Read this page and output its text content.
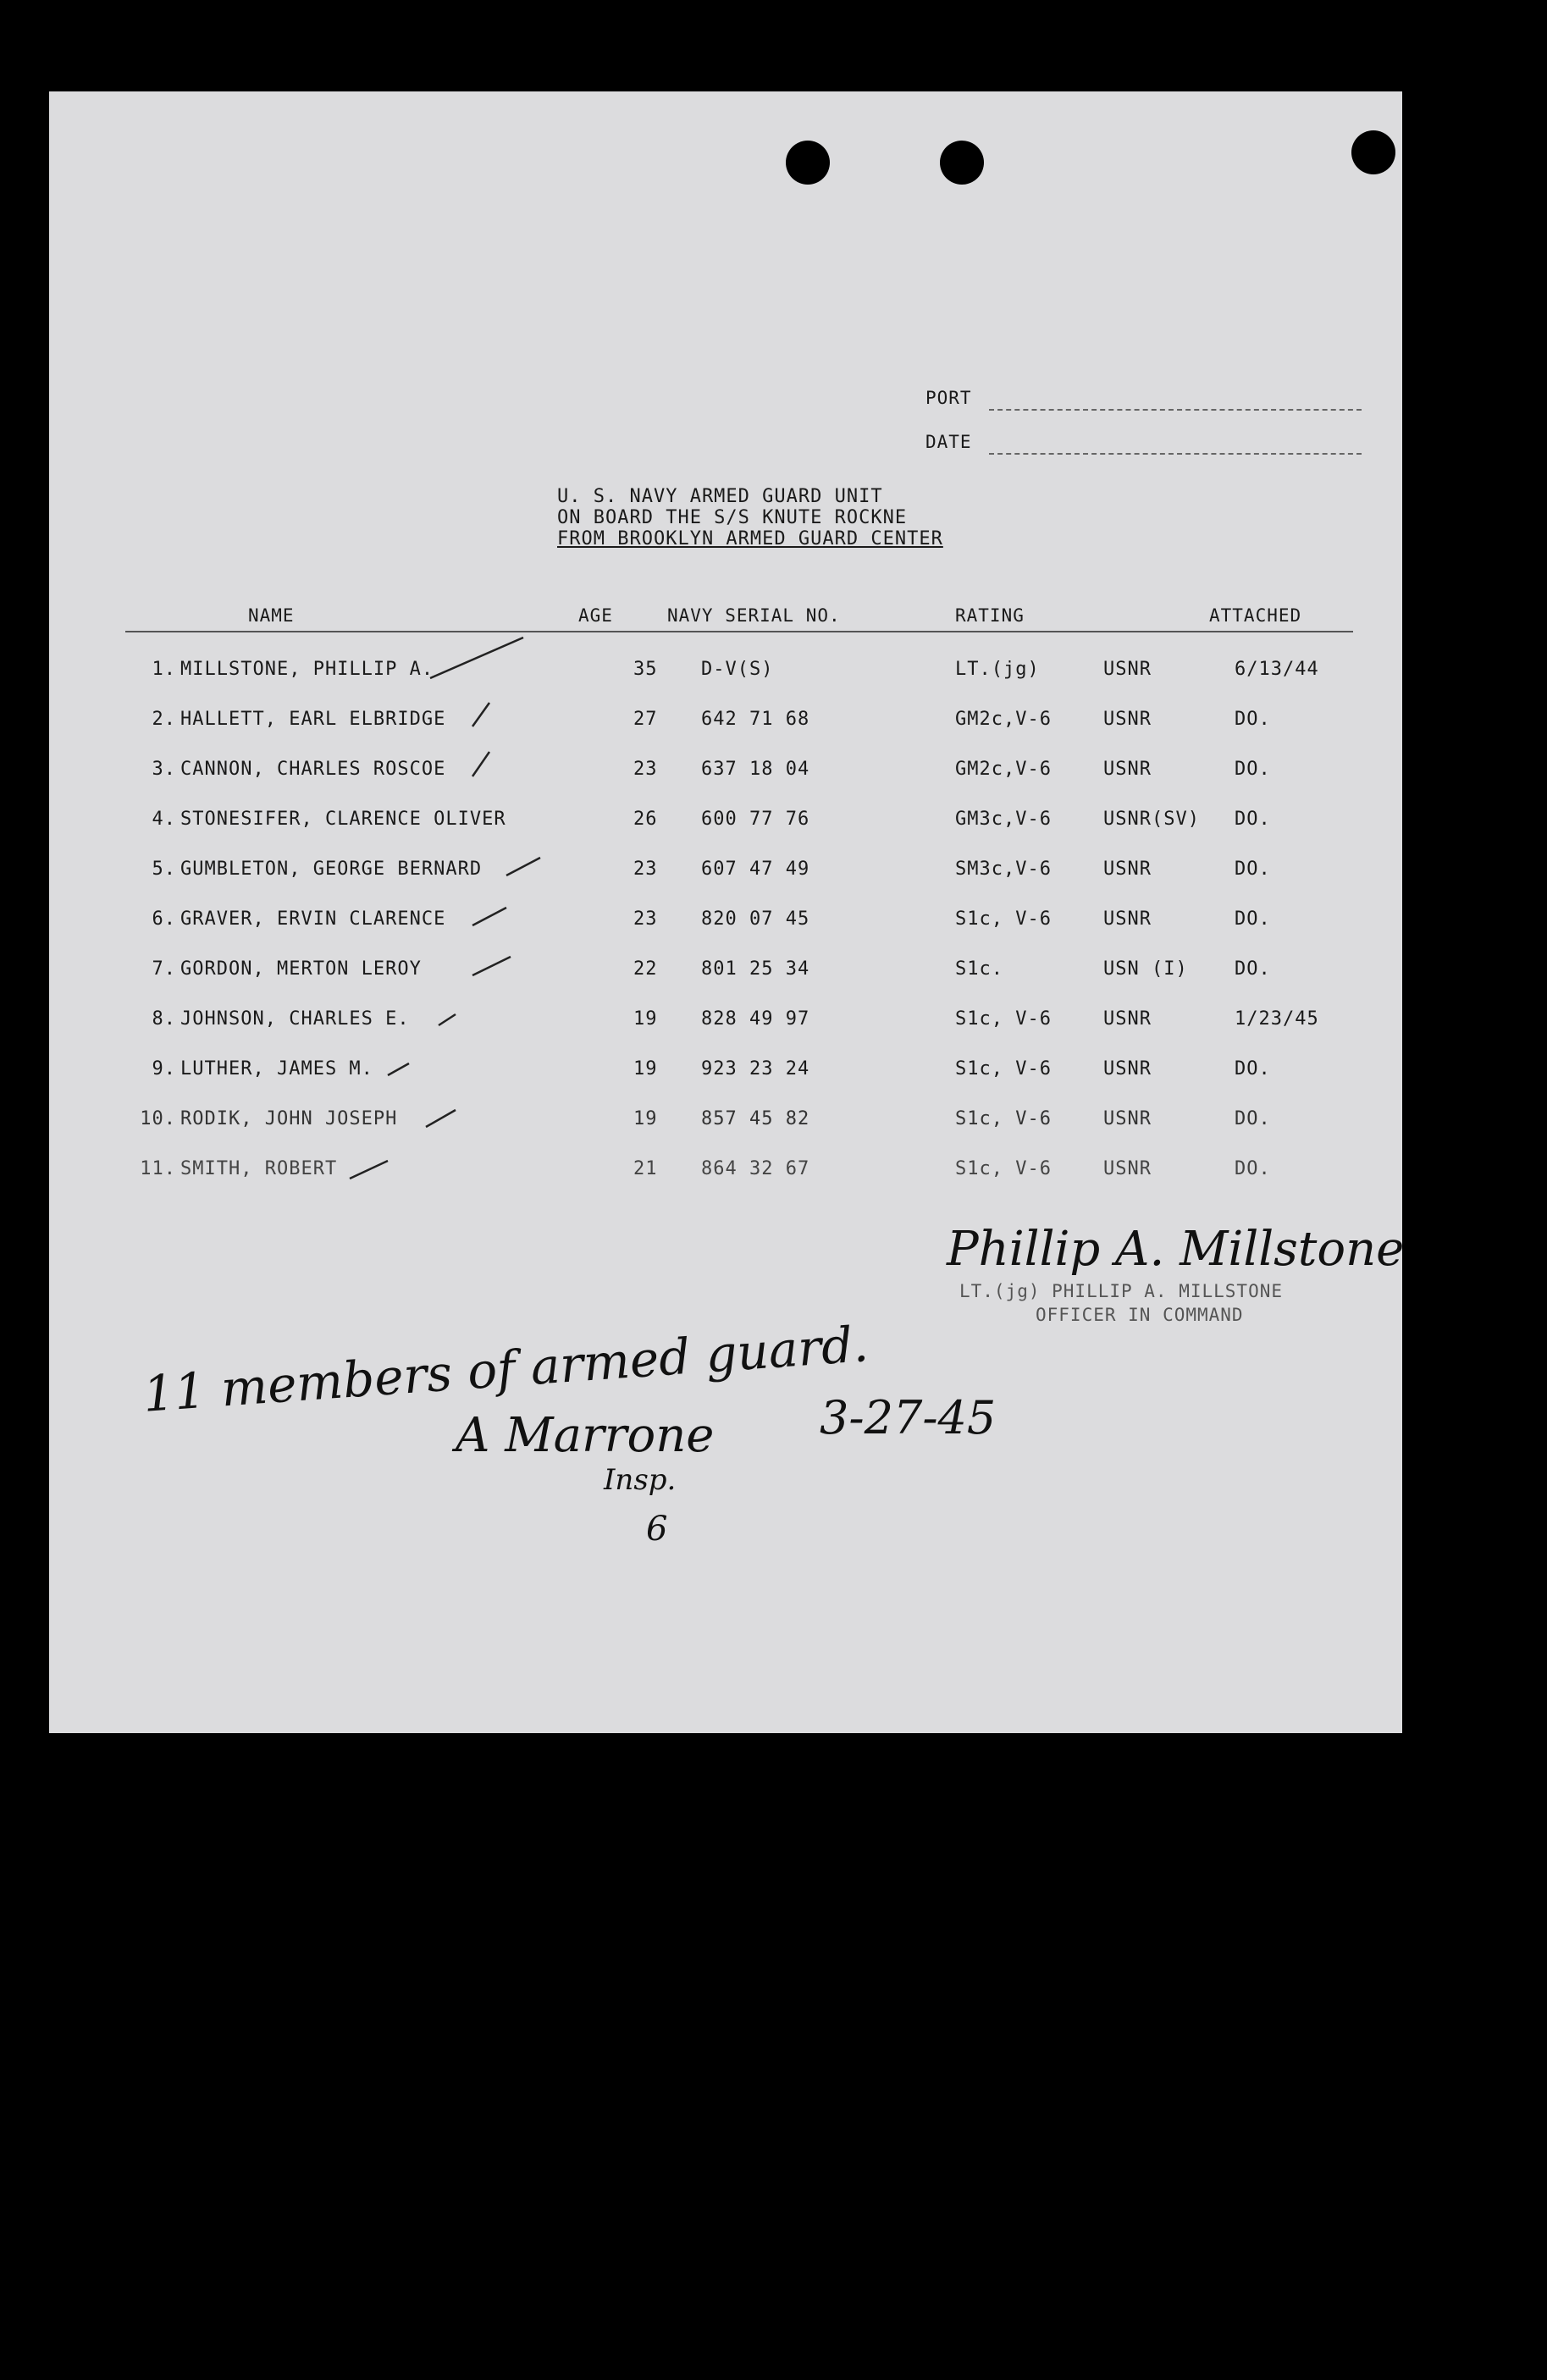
PORT
DATE
U. S. NAVY ARMED GUARD UNIT
ON BOARD THE S/S KNUTE ROCKNE
FROM BROOKLYN ARMED GUARD CENTER
NAME	AGE	NAVY SERIAL NO.	RATING	ATTACHED
1. MILLSTONE, PHILLIP A.	35 D-V(S)	LT.(jg)	USNR	6/13/44
2. HALLETT, EARL ELBRIDGE	27 642 71 68	GM2c,V-6	USNR	DO.
3. CANNON, CHARLES ROSCOE	23 637 18 04	GM2c,V-6	USNR	DO.
4. STONESIFER, CLARENCE OLIVER	26 600 77 76	GM3c,V-6	USNR(SV) DO.
5. GUMBLETON, GEORGE BERNARD	23 607 47 49	SM3c,V-6	USNR	DO.
6. GRAVER, ERVIN CLARENCE	23 820 07 45	S1c, V-6	USNR	DO.
7. GORDON, MERTON LEROY	22 801 25 34	S1c.	USN (I)	DO.
8. JOHNSON, CHARLES E.	19 828 49 97	S1c, V-6	USNR	1/23/45
9. LUTHER, JAMES M.	19 923 23 24	S1c, V-6	USNR	DO.
10. RODIK, JOHN JOSEPH	19 857 45 82	S1c, V-6	USNR	DO.
11. SMITH, ROBERT	21 864 32 67	S1c, V-6	USNR	DO.
Phillip A. Millstone
LT.(jg) PHILLIP A. MILLSTONE
OFFICER IN COMMAND
11 members of armed guard.
A Marrone
Insp.
3-27-45
6
